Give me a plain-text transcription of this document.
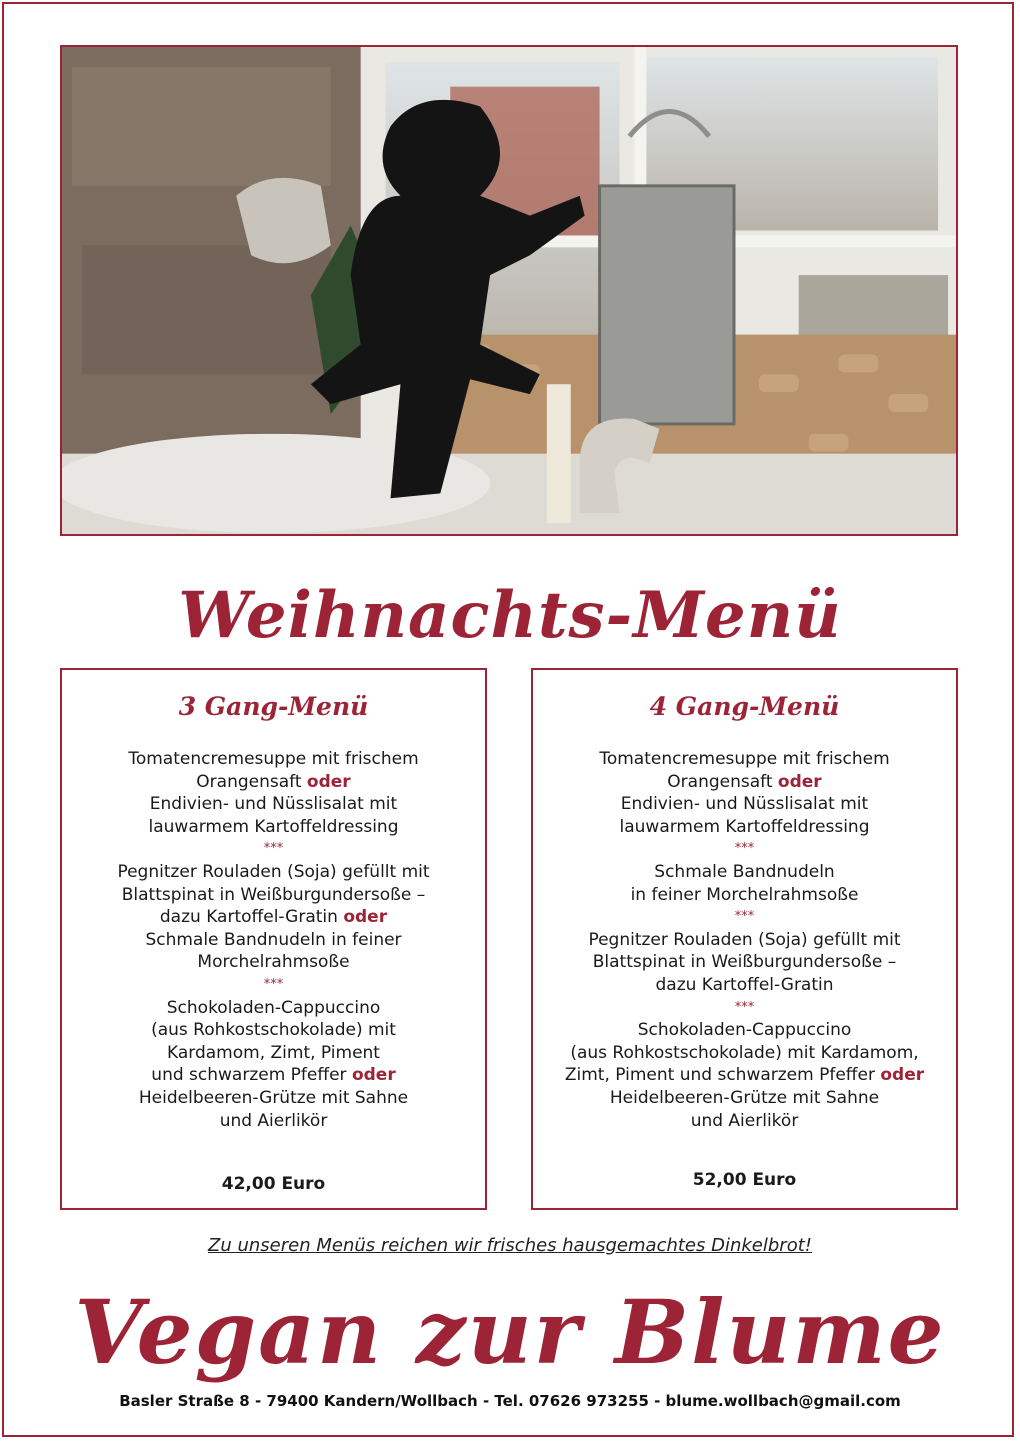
Weihnachts-Menü
3 Gang-Menü
Tomatencremesuppe mit frischem
Orangensaft oder
Endivien- und Nüsslisalat mit
lauwarmem Kartoffeldressing
***
Pegnitzer Rouladen (Soja) gefüllt mit
Blattspinat in Weißburgundersoße –
dazu Kartoffel-Gratin oder
Schmale Bandnudeln in feiner
Morchelrahmsoße
***
Schokoladen-Cappuccino
(aus Rohkostschokolade) mit
Kardamom, Zimt, Piment
und schwarzem Pfeffer oder
Heidelbeeren-Grütze mit Sahne
und Aierlikör
42,00 Euro
4 Gang-Menü
Tomatencremesuppe mit frischem
Orangensaft oder
Endivien- und Nüsslisalat mit
lauwarmem Kartoffeldressing
***
Schmale Bandnudeln
in feiner Morchelrahmsoße
***
Pegnitzer Rouladen (Soja) gefüllt mit
Blattspinat in Weißburgundersoße –
dazu Kartoffel-Gratin
***
Schokoladen-Cappuccino
(aus Rohkostschokolade) mit Kardamom,
Zimt, Piment und schwarzem Pfeffer oder
Heidelbeeren-Grütze mit Sahne
und Aierlikör
52,00 Euro
Zu unseren Menüs reichen wir frisches hausgemachtes Dinkelbrot!
Vegan zur Blume
Basler Straße 8 - 79400 Kandern/Wollbach - Tel. 07626 973255 - blume.wollbach@gmail.com
